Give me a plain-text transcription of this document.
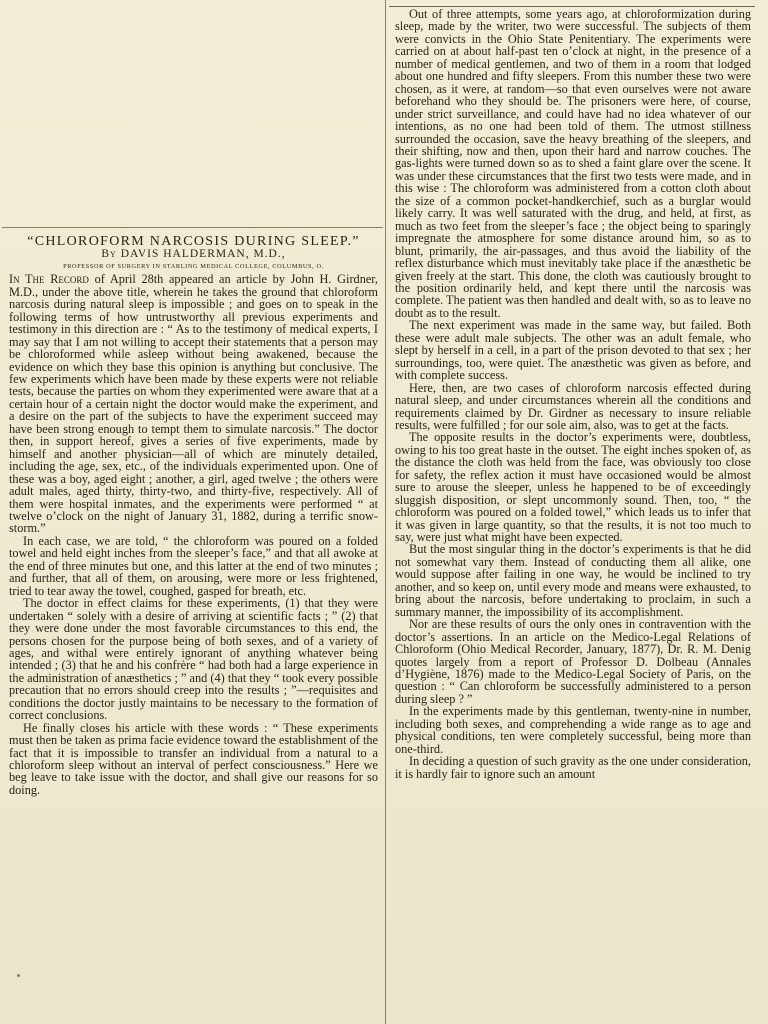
“CHLOROFORM NARCOSIS DURING SLEEP.”

By DAVIS HALDERMAN, M.D.,

PROFESSOR OF SURGERY IN STARLING MEDICAL COLLEGE, COLUMBUS, O.

In The Record of April 28th appeared an article by John H. Girdner, M.D., under the above title, wherein he takes the ground that chloroform narcosis during natural sleep is impossible ; and goes on to speak in the following terms of how untrustworthy all previous experiments and testimony in this direction are : “ As to the testimony of medical experts, I may say that I am not willing to accept their statements that a person may be chloroformed while asleep without being awakened, because the evidence on which they base this opinion is anything but conclusive. The few experiments which have been made by these experts were not reliable tests, because the parties on whom they experimented were aware that at a certain hour of a certain night the doctor would make the experiment, and a desire on the part of the subjects to have the experiment succeed may have been strong enough to tempt them to simulate narcosis.” The doctor then, in support hereof, gives a series of five experiments, made by himself and another physician—all of which are minutely detailed, including the age, sex, etc., of the individuals experimented upon. One of these was a boy, aged eight ; another, a girl, aged twelve ; the others were adult males, aged thirty, thirty-two, and thirty-five, respectively. All of them were hospital inmates, and the experiments were performed “ at twelve o’clock on the night of January 31, 1882, during a terrific snow-storm.”

In each case, we are told, “ the chloroform was poured on a folded towel and held eight inches from the sleeper’s face,” and that all awoke at the end of three minutes but one, and this latter at the end of two minutes ; and further, that all of them, on arousing, were more or less frightened, tried to tear away the towel, coughed, gasped for breath, etc.

The doctor in effect claims for these experiments, (1) that they were undertaken “ solely with a desire of arriving at scientific facts ; ” (2) that they were done under the most favorable circumstances to this end, the persons chosen for the purpose being of both sexes, and of a variety of ages, and withal were entirely ignorant of anything whatever being intended ; (3) that he and his confrère “ had both had a large experience in the administration of anæsthetics ; ” and (4) that they “ took every possible precaution that no errors should creep into the results ; ”—requisites and conditions the doctor justly maintains to be necessary to the formation of correct conclusions.

He finally closes his article with these words : “ These experiments must then be taken as prima facie evidence toward the establishment of the fact that it is impossible to transfer an individual from a natural to a chloroform sleep without an interval of perfect consciousness.” Here we beg leave to take issue with the doctor, and shall give our reasons for so doing.

Out of three attempts, some years ago, at chloroformization during sleep, made by the writer, two were successful. The subjects of them were convicts in the Ohio State Penitentiary. The experiments were carried on at about half-past ten o’clock at night, in the presence of a number of medical gentlemen, and two of them in a room that lodged about one hundred and fifty sleepers. From this number these two were chosen, as it were, at random—so that even ourselves were not aware beforehand who they should be. The prisoners were here, of course, under strict surveillance, and could have had no idea whatever of our intentions, as no one had been told of them. The utmost stillness surrounded the occasion, save the heavy breathing of the sleepers, and their shifting, now and then, upon their hard and narrow couches. The gas-lights were turned down so as to shed a faint glare over the scene. It was under these circumstances that the first two tests were made, and in this wise : The chloroform was administered from a cotton cloth about the size of a common pocket-handkerchief, such as a burglar would likely carry. It was well saturated with the drug, and held, at first, as much as two feet from the sleeper’s face ; the object being to sparingly impregnate the atmosphere for some distance around him, so as to blunt, primarily, the air-passages, and thus avoid the liability of the reflex disturbance which must inevitably take place if the anæsthetic be given freely at the start. This done, the cloth was cautiously brought to the position ordinarily held, and kept there until the narcosis was complete. The patient was then handled and dealt with, so as to leave no doubt as to the result.

The next experiment was made in the same way, but failed. Both these were adult male subjects. The other was an adult female, who slept by herself in a cell, in a part of the prison devoted to that sex ; her surroundings, too, were quiet. The anæsthetic was given as before, and with complete success.

Here, then, are two cases of chloroform narcosis effected during natural sleep, and under circumstances wherein all the conditions and requirements claimed by Dr. Girdner as necessary to insure reliable results, were fulfilled ; for our sole aim, also, was to get at the facts.

The opposite results in the doctor’s experiments were, doubtless, owing to his too great haste in the outset. The eight inches spoken of, as the distance the cloth was held from the face, was obviously too close for safety, the reflex action it must have occasioned would be almost sure to arouse the sleeper, unless he happened to be of exceedingly sluggish disposition, or slept uncommonly sound. Then, too, “ the chloroform was poured on a folded towel,” which leads us to infer that it was given in large quantity, so that the results, it is not too much to say, were just what might have been expected.

But the most singular thing in the doctor’s experiments is that he did not somewhat vary them. Instead of conducting them all alike, one would suppose after failing in one way, he would be inclined to try another, and so keep on, until every mode and means were exhausted, to bring about the narcosis, before undertaking to proclaim, in such a summary manner, the impossibility of its accomplishment.

Nor are these results of ours the only ones in contravention with the doctor’s assertions. In an article on the Medico-Legal Relations of Chloroform (Ohio Medical Recorder, January, 1877), Dr. R. M. Denig quotes largely from a report of Professor D. Dolbeau (Annales d’Hygiène, 1876) made to the Medico-Legal Society of Paris, on the question : “ Can chloroform be successfully administered to a person during sleep ? ”

In the experiments made by this gentleman, twenty-nine in number, including both sexes, and comprehending a wide range as to age and physical conditions, ten were completely successful, being more than one-third.

In deciding a question of such gravity as the one under consideration, it is hardly fair to ignore such an amount
